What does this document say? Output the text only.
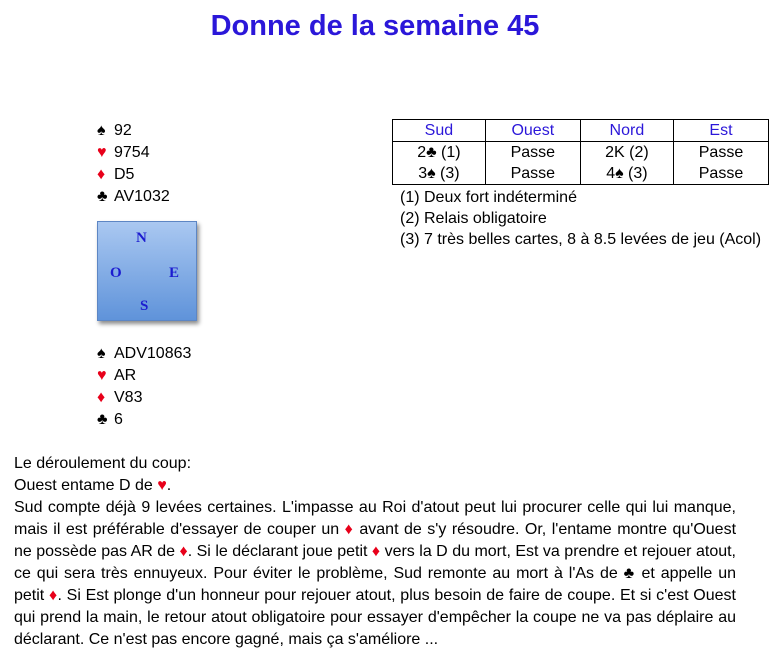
Donne de la semaine 45
♠ 92
♥ 9754
♦ D5
♣ AV1032
N
O	E
S
♠ ADV10863
♥ AR
♦ V83
♣ 6
Sud	Ouest	Nord	Est
2♣ (1)	Passe	2K (2)	Passe
3♠ (3)	Passe	4♠ (3)	Passe
(1) Deux fort indéterminé
(2) Relais obligatoire
(3) 7 très belles cartes, 8 à 8.5 levées de jeu (Acol)
Le déroulement du coup:
Ouest entame D de ♥.
Sud compte déjà 9 levées certaines. L'impasse au Roi d'atout peut lui procurer celle qui lui manque, mais il est préférable d'essayer de couper un ♦ avant de s'y résoudre. Or, l'entame montre qu'Ouest ne possède pas AR de ♦. Si le déclarant joue petit ♦ vers la D du mort, Est va prendre et rejouer atout, ce qui sera très ennuyeux. Pour éviter le problème, Sud remonte au mort à l'As de ♣ et appelle un petit ♦. Si Est plonge d'un honneur pour rejouer atout, plus besoin de faire de coupe. Et si c'est Ouest qui prend la main, le retour atout obligatoire pour essayer d'empêcher la coupe ne va pas déplaire au déclarant. Ce n'est pas encore gagné, mais ça s'améliore ...
